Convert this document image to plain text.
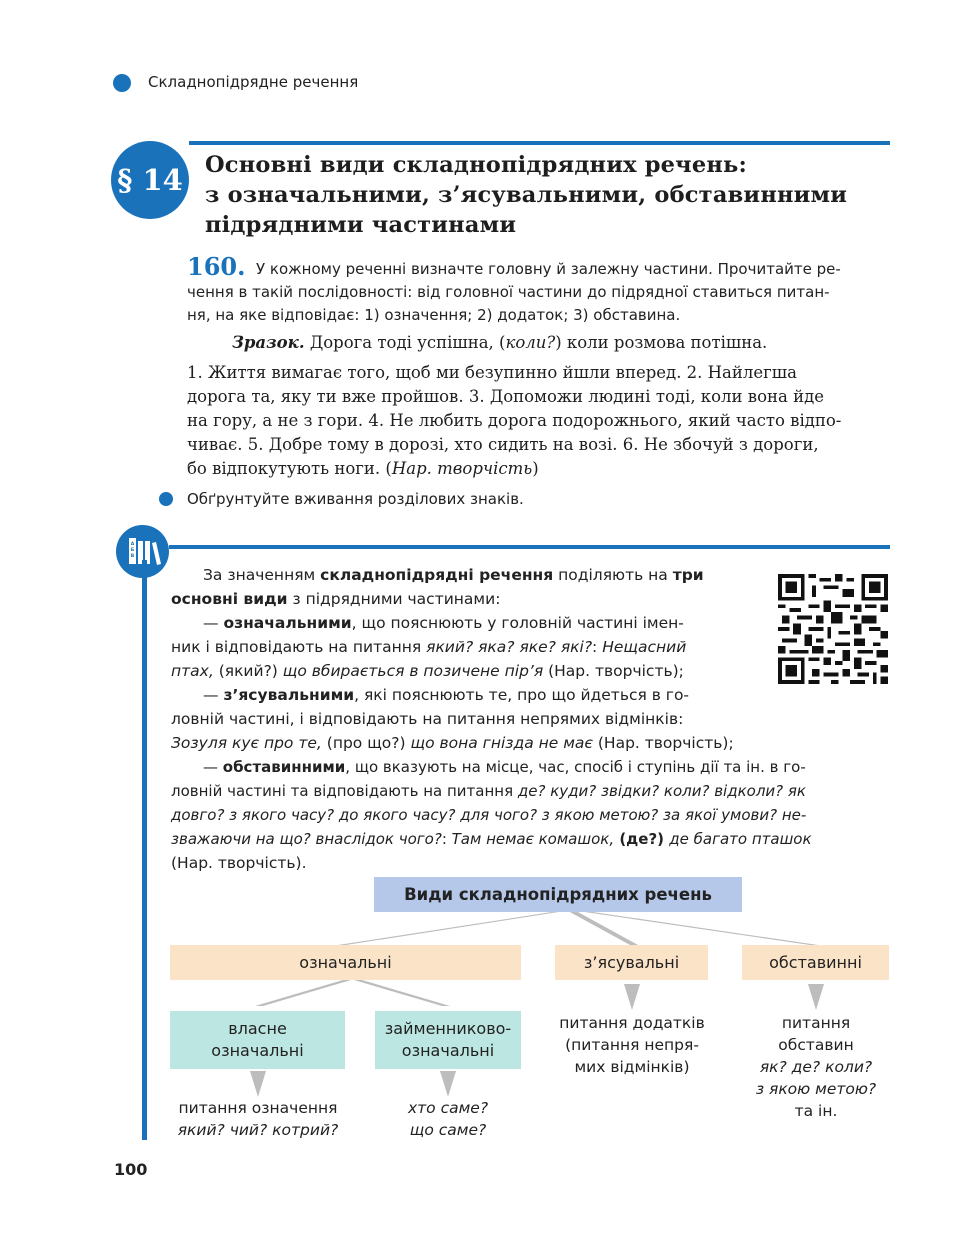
Складнопідрядне речення
§ 14 Основні види складнопідрядних речень:
з означальними, з’ясувальними, обставинними
підрядними частинами
160. У кожному реченні визначте головну й залежну частини. Прочитайте ре-
чення в такій послідовності: від головної частини до підрядної ставиться питан-
ня, на яке відповідає: 1) означення; 2) додаток; 3) обставина.
Зразок. Дорога тоді успішна, (коли?) коли розмова потішна.
1. Життя вимагає того, щоб ми безупинно йшли вперед. 2. Найлегша
дорога та, яку ти вже пройшов. 3. Допоможи людині тоді, коли вона йде
на гору, а не з гори. 4. Не любить дорога подорожнього, який часто відпо-
чиває. 5. Добре тому в дорозі, хто сидить на возі. 6. Не збочуй з дороги,
бо відпокутують ноги. (Нар. творчість)
Обґрунтуйте вживання розділових знаків.
А
Б
В
За значенням складнопідрядні речення поділяють на три
основні види з підрядними частинами:
— означальними, що пояснюють у головній частині імен-
ник і відповідають на питання який? яка? яке? які?: Нещасний
птах, (який?) що вбирається в позичене пір’я (Нар. творчість);
— з’ясувальними, які пояснюють те, про що йдеться в го-
ловній частині, і відповідають на питання непрямих відмінків:
Зозуля кує про те, (про що?) що вона гнізда не має (Нар. творчість);
— обставинними, що вказують на місце, час, спосіб і ступінь дії та ін. в го-
ловній частині та відповідають на питання де? куди? звідки? коли? відколи? як
довго? з якого часу? до якого часу? для чого? з якою метою? за якої умови? не-
зважаючи на що? внаслідок чого?: Там немає комашок, (де?) де багато пташок
(Нар. творчість).
Види складнопідрядних речень
означальні	з’ясувальні	обставинні
власне
означальні
займенниково-
означальні
питання означення
який? чий? котрий?
хто саме?
що саме?
питання додатків
(питання непря-
мих відмінків)
питання
обставин
як? де? коли?
з якою метою?
та ін.
100
